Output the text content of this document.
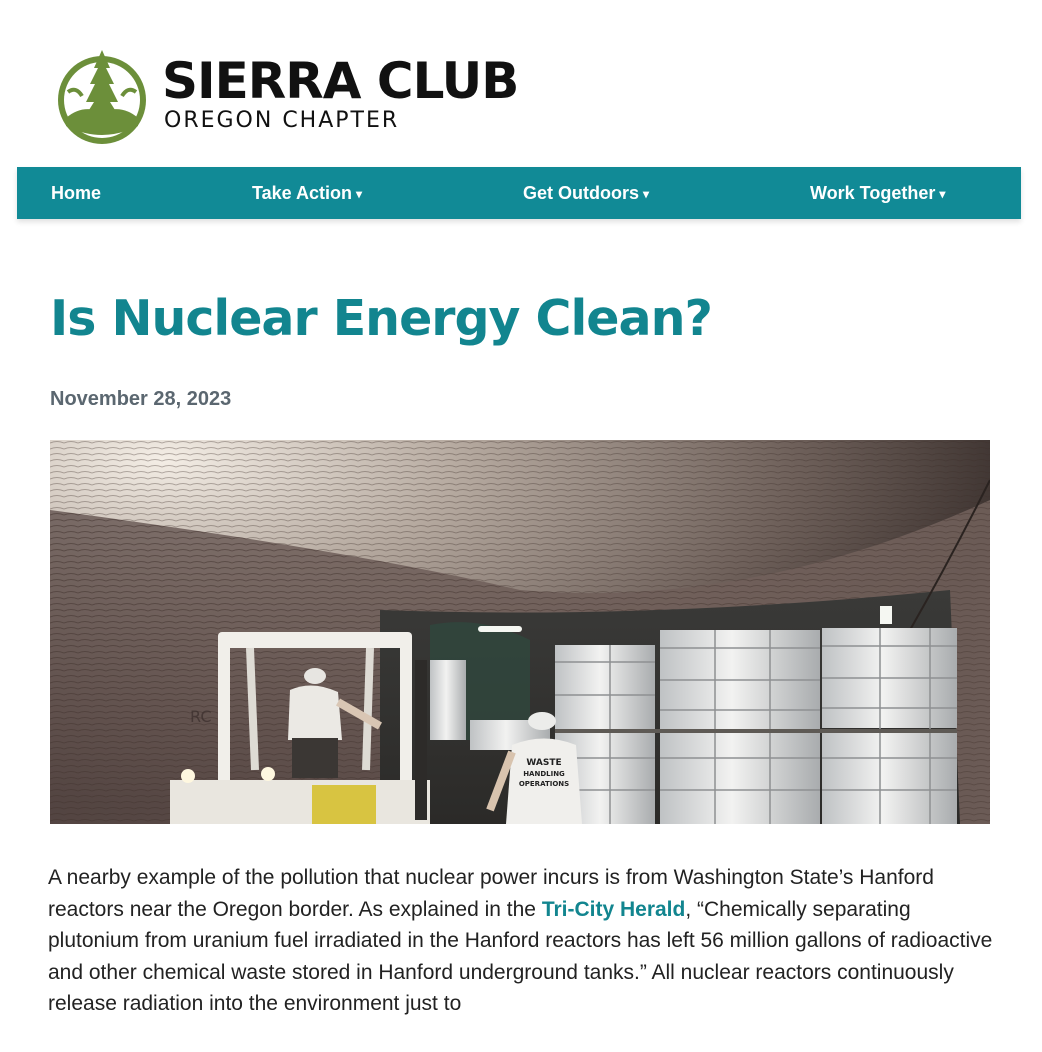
SIERRA CLUB
OREGON CHAPTER
Home	Take Action ▾	Get Outdoors ▾	Work Together ▾
Is Nuclear Energy Clean?
November 28, 2023
WASTE
HANDLING
OPERATIONS
RC

A nearby example of the pollution that nuclear power incurs is from Washington State’s Hanford reactors near the Oregon border. As explained in the Tri-City Herald, “Chemically separating plutonium from uranium fuel irradiated in the Hanford reactors has left 56 million gallons of radioactive and other chemical waste stored in Hanford underground tanks.” All nuclear reactors continuously release radiation into the environment just to
